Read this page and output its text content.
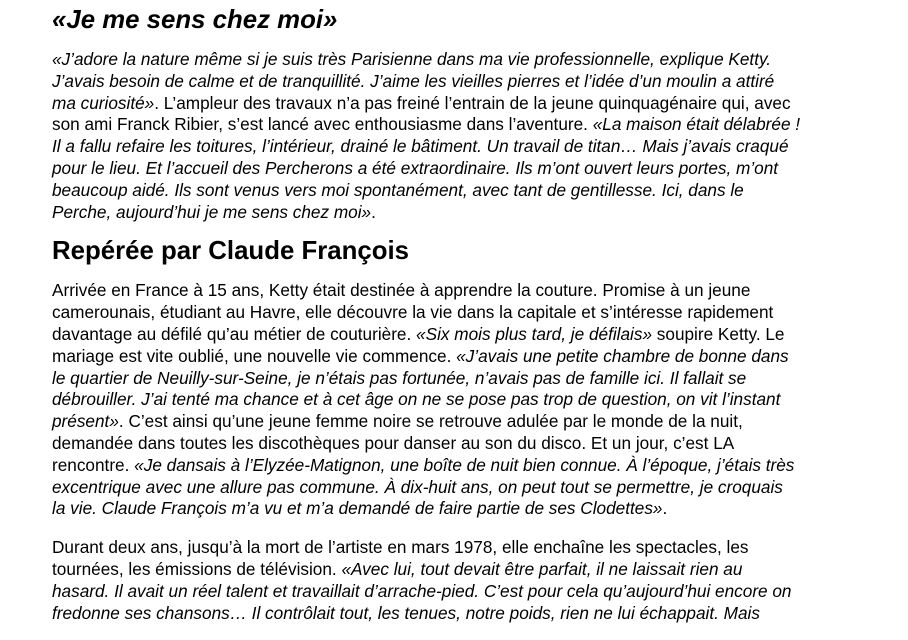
«Je me sens chez moi»

«J’adore la nature même si je suis très Parisienne dans ma vie professionnelle, explique Ketty.
J’avais besoin de calme et de tranquillité. J’aime les vieilles pierres et l’idée d’un moulin a attiré
ma curiosité». L’ampleur des travaux n’a pas freiné l’entrain de la jeune quinquagénaire qui, avec
son ami Franck Ribier, s’est lancé avec enthousiasme dans l’aventure. «La maison était délabrée !
Il a fallu refaire les toitures, l’intérieur, drainé le bâtiment. Un travail de titan… Mais j’avais craqué
pour le lieu. Et l’accueil des Percherons a été extraordinaire. Ils m’ont ouvert leurs portes, m’ont
beaucoup aidé. Ils sont venus vers moi spontanément, avec tant de gentillesse. Ici, dans le
Perche, aujourd’hui je me sens chez moi».

Repérée par Claude François

Arrivée en France à 15 ans, Ketty était destinée à apprendre la couture. Promise à un jeune
camerounais, étudiant au Havre, elle découvre la vie dans la capitale et s’intéresse rapidement
davantage au défilé qu’au métier de couturière. «Six mois plus tard, je défilais» soupire Ketty. Le
mariage est vite oublié, une nouvelle vie commence. «J’avais une petite chambre de bonne dans
le quartier de Neuilly-sur-Seine, je n’étais pas fortunée, n’avais pas de famille ici. Il fallait se
débrouiller. J’ai tenté ma chance et à cet âge on ne se pose pas trop de question, on vit l’instant
présent». C’est ainsi qu’une jeune femme noire se retrouve adulée par le monde de la nuit,
demandée dans toutes les discothèques pour danser au son du disco. Et un jour, c’est LA
rencontre. «Je dansais à l’Elyzée-Matignon, une boîte de nuit bien connue. À l’époque, j’étais très
excentrique avec une allure pas commune. À dix-huit ans, on peut tout se permettre, je croquais
la vie. Claude François m’a vu et m’a demandé de faire partie de ses Clodettes».

Durant deux ans, jusqu’à la mort de l’artiste en mars 1978, elle enchaîne les spectacles, les
tournées, les émissions de télévision. «Avec lui, tout devait être parfait, il ne laissait rien au
hasard. Il avait un réel talent et travaillait d’arrache-pied. C’est pour cela qu’aujourd’hui encore on
fredonne ses chansons… Il contrôlait tout, les tenues, notre poids, rien ne lui échappait. Mais
